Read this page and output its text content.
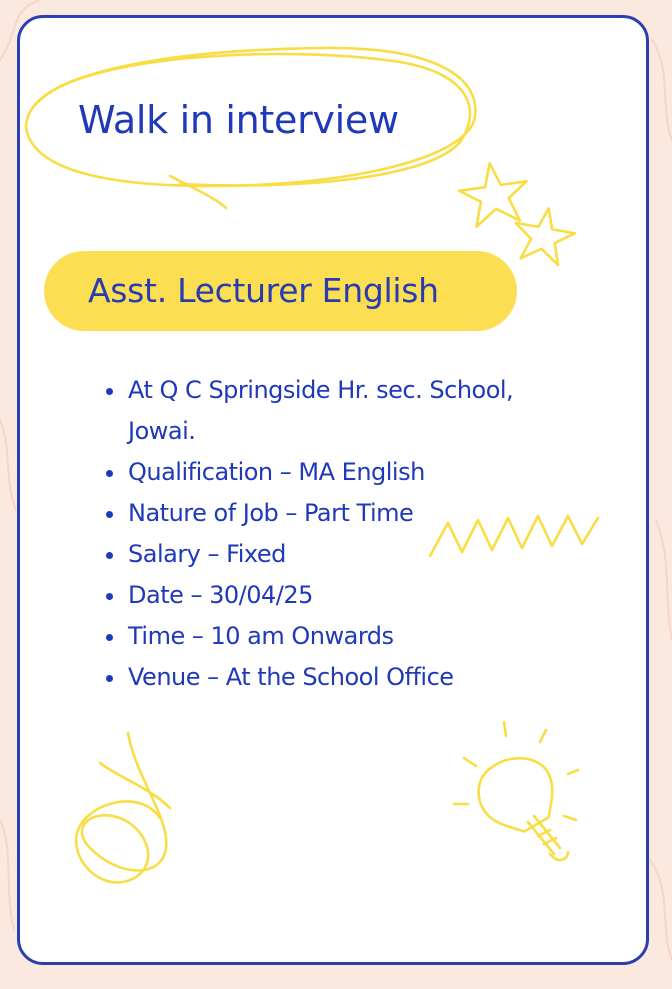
Walk in interview
Asst. Lecturer English
At Q C Springside Hr. sec. School, Jowai.
Qualification – MA English
Nature of Job – Part Time
Salary – Fixed
Date – 30/04/25
Time – 10 am Onwards
Venue – At the School Office
